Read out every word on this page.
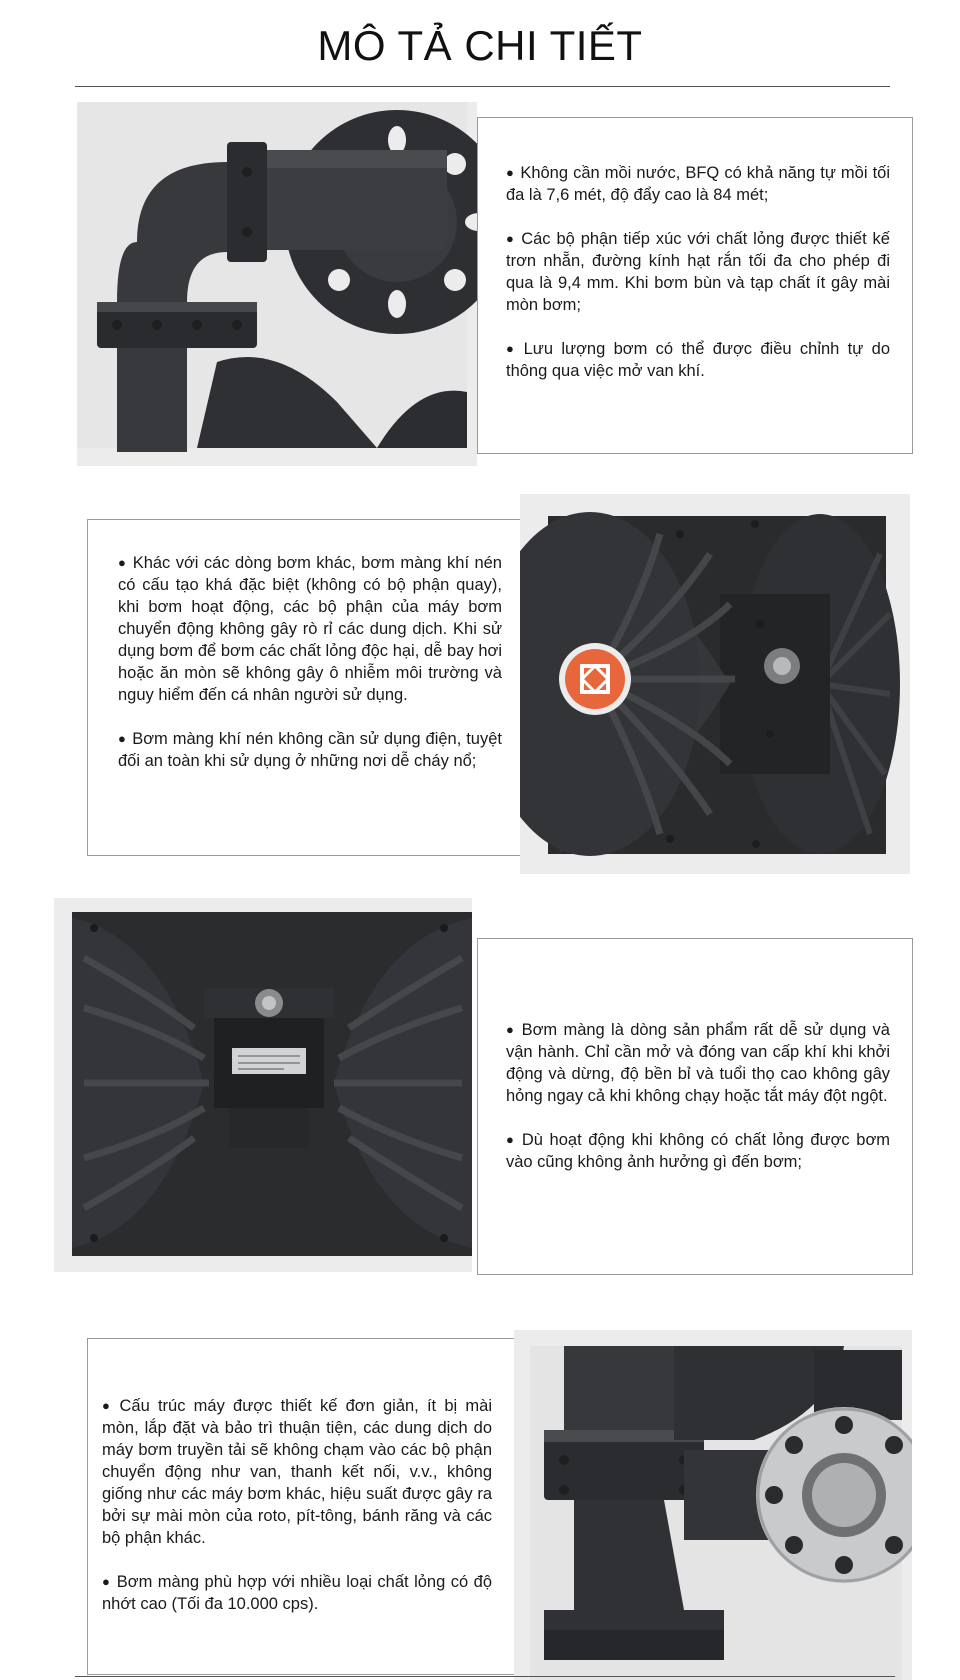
MÔ TẢ CHI TIẾT

● Không cần mồi nước, BFQ có khả năng tự mồi tối đa là 7,6 mét, độ đẩy cao là 84 mét;

● Các bộ phận tiếp xúc với chất lỏng được thiết kế trơn nhẵn, đường kính hạt rắn tối đa cho phép đi qua là 9,4 mm. Khi bơm bùn và tạp chất ít gây mài mòn bơm;

● Lưu lượng bơm có thể được điều chỉnh tự do thông qua việc mở van khí.

● Khác với các dòng bơm khác, bơm màng khí nén có cấu tạo khá đặc biệt (không có bộ phận quay), khi bơm hoạt động, các bộ phận của máy bơm chuyển động không gây rò rỉ các dung dịch. Khi sử dụng bơm để bơm các chất lỏng độc hại, dễ bay hơi hoặc ăn mòn sẽ không gây ô nhiễm môi trường và nguy hiểm đến cá nhân người sử dụng.

● Bơm màng khí nén không cần sử dụng điện, tuyệt đối an toàn khi sử dụng ở những nơi dễ cháy nổ;

● Bơm màng là dòng sản phẩm rất dễ sử dụng và vận hành. Chỉ cần mở và đóng van cấp khí khi khởi động và dừng, độ bền bỉ và tuổi thọ cao không gây hỏng ngay cả khi không chạy hoặc tắt máy đột ngột.

● Dù hoạt động khi không có chất lỏng được bơm vào cũng không ảnh hưởng gì đến bơm;

● Cấu trúc máy được thiết kế đơn giản, ít bị mài mòn, lắp đặt và bảo trì thuận tiện, các dung dịch do máy bơm truyền tải sẽ không chạm vào các bộ phận chuyển động như van, thanh kết nối, v.v., không giống như các máy bơm khác, hiệu suất được gây ra bởi sự mài mòn của roto, pít-tông, bánh răng và các bộ phận khác.

● Bơm màng phù hợp với nhiều loại chất lỏng có độ nhớt cao (Tối đa 10.000 cps).
